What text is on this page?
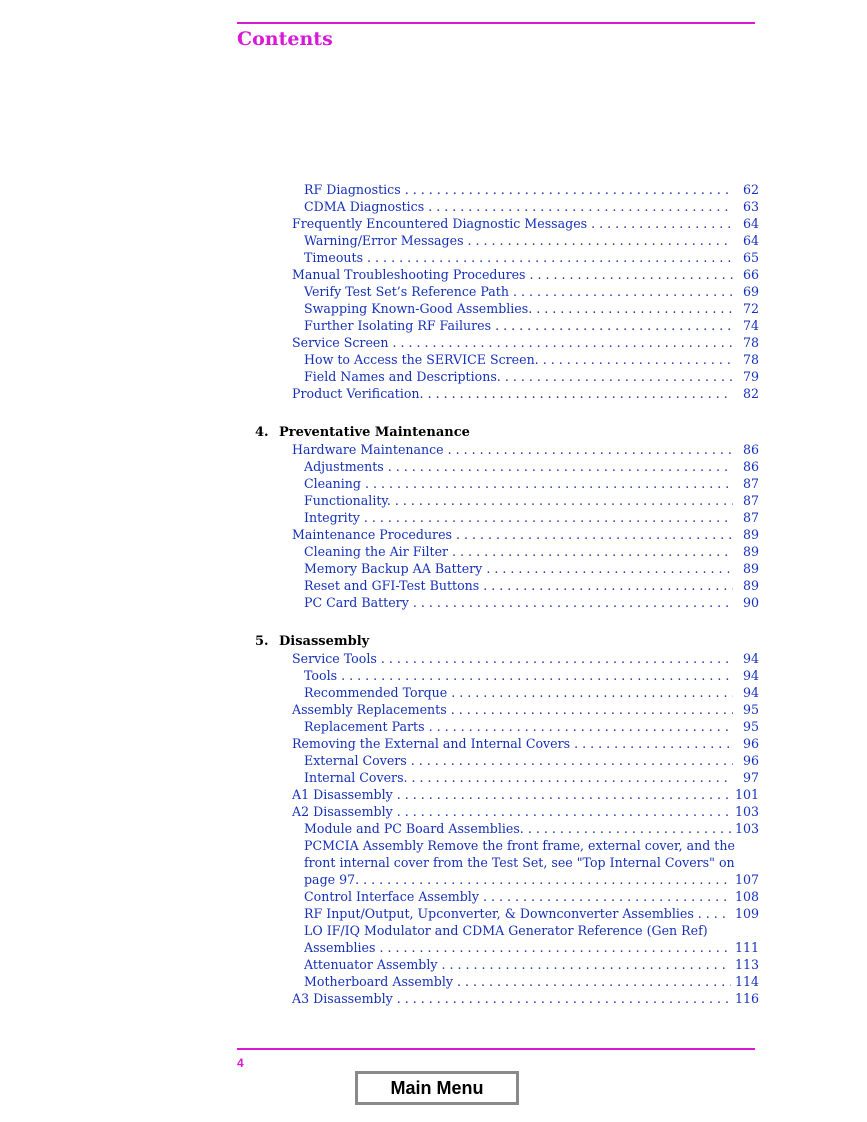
Contents
RF Diagnostics . . .	62
CDMA Diagnostics . . .	63
Frequently Encountered Diagnostic Messages . . .	64
Warning/Error Messages . . .	64
Timeouts . . .	65
Manual Troubleshooting Procedures . . .	66
Verify Test Set’s Reference Path . . .	69
Swapping Known-Good Assemblies. . . .	72
Further Isolating RF Failures . . .	74
Service Screen . . .	78
How to Access the SERVICE Screen. . . .	78
Field Names and Descriptions. . . .	79
Product Verification. . . .	82
4. Preventative Maintenance
Hardware Maintenance . . .	86
Adjustments . . .	86
Cleaning . . .	87
Functionality. . . .	87
Integrity . . .	87
Maintenance Procedures . . .	89
Cleaning the Air Filter . . .	89
Memory Backup AA Battery . . .	89
Reset and GFI-Test Buttons . . .	89
PC Card Battery . . .	90
5. Disassembly
Service Tools . . .	94
Tools . . .	94
Recommended Torque . . .	94
Assembly Replacements . . .	95
Replacement Parts . . .	95
Removing the External and Internal Covers . . .	96
External Covers . . .	96
Internal Covers. . . .	97
A1 Disassembly . . .	101
A2 Disassembly . . .	103
Module and PC Board Assemblies. . . .	103
PCMCIA Assembly Remove the front frame, external cover, and the
front internal cover from the Test Set, see "Top Internal Covers" on
page 97. . . .	107
Control Interface Assembly . . .	108
RF Input/Output, Upconverter, & Downconverter Assemblies . . .	109
LO IF/IQ Modulator and CDMA Generator Reference (Gen Ref)
Assemblies . . .	111
Attenuator Assembly . . .	113
Motherboard Assembly . . .	114
A3 Disassembly . . .	116
4
Main Menu
